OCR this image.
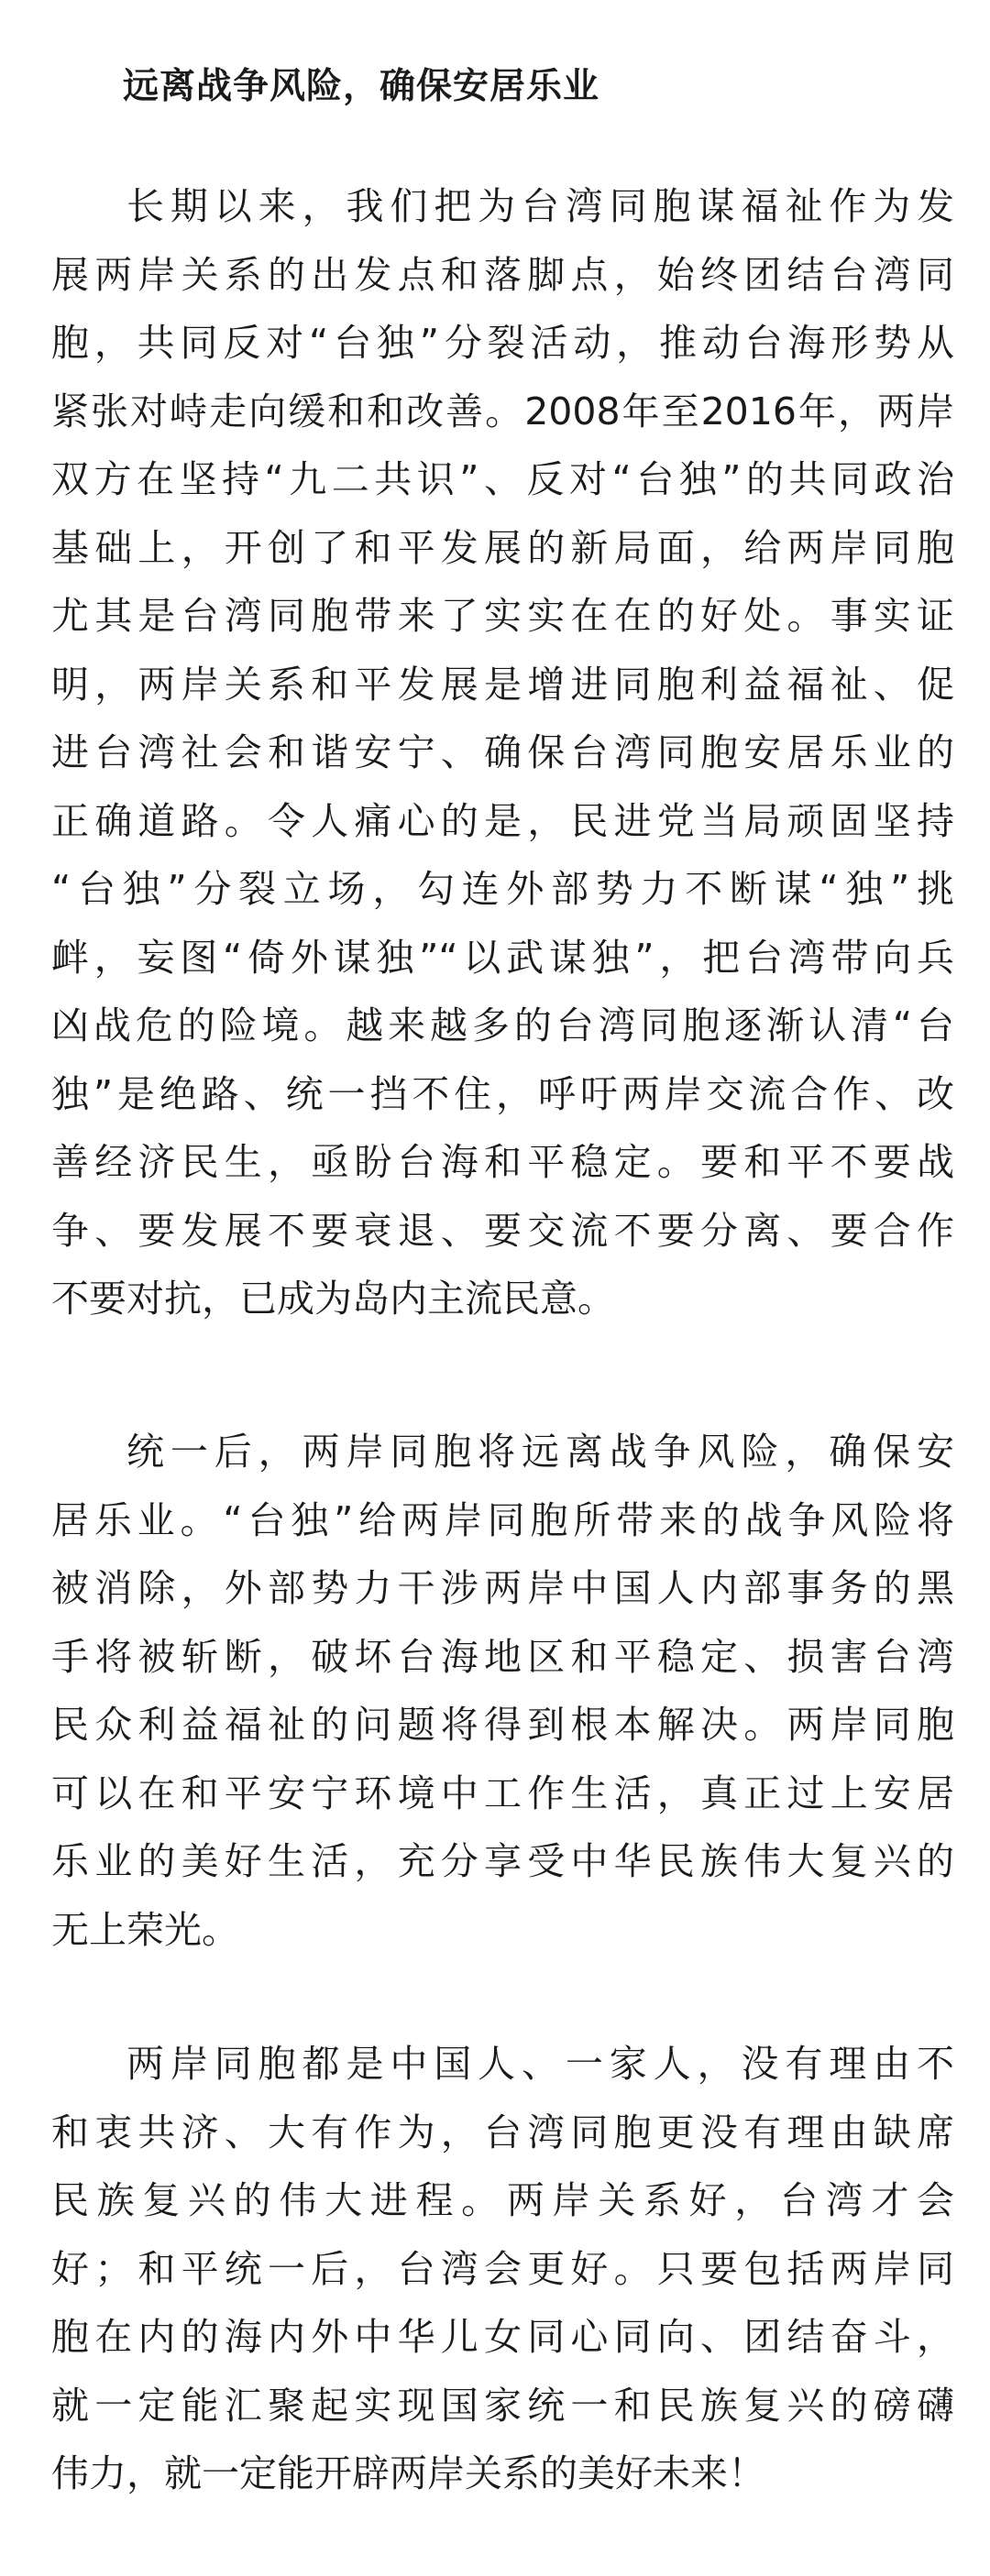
远离战争风险，确保安居乐业
长期以来，我们把为台湾同胞谋福祉作为发
展两岸关系的出发点和落脚点，始终团结台湾同
胞，共同反对“台独”分裂活动，推动台海形势从
紧张对峙走向缓和和改善。2008年至2016年，两岸
双方在坚持“九二共识”、反对“台独”的共同政治
基础上，开创了和平发展的新局面，给两岸同胞
尤其是台湾同胞带来了实实在在的好处。事实证
明，两岸关系和平发展是增进同胞利益福祉、促
进台湾社会和谐安宁、确保台湾同胞安居乐业的
正确道路。令人痛心的是，民进党当局顽固坚持
“台独”分裂立场，勾连外部势力不断谋“独”挑
衅，妄图“倚外谋独”“以武谋独”，把台湾带向兵
凶战危的险境。越来越多的台湾同胞逐渐认清“台
独”是绝路、统一挡不住，呼吁两岸交流合作、改
善经济民生，亟盼台海和平稳定。要和平不要战
争、要发展不要衰退、要交流不要分离、要合作
不要对抗，已成为岛内主流民意。
统一后，两岸同胞将远离战争风险，确保安
居乐业。“台独”给两岸同胞所带来的战争风险将
被消除，外部势力干涉两岸中国人内部事务的黑
手将被斩断，破坏台海地区和平稳定、损害台湾
民众利益福祉的问题将得到根本解决。两岸同胞
可以在和平安宁环境中工作生活，真正过上安居
乐业的美好生活，充分享受中华民族伟大复兴的
无上荣光。
两岸同胞都是中国人、一家人，没有理由不
和衷共济、大有作为，台湾同胞更没有理由缺席
民族复兴的伟大进程。两岸关系好，台湾才会
好；和平统一后，台湾会更好。只要包括两岸同
胞在内的海内外中华儿女同心同向、团结奋斗，
就一定能汇聚起实现国家统一和民族复兴的磅礴
伟力，就一定能开辟两岸关系的美好未来！
